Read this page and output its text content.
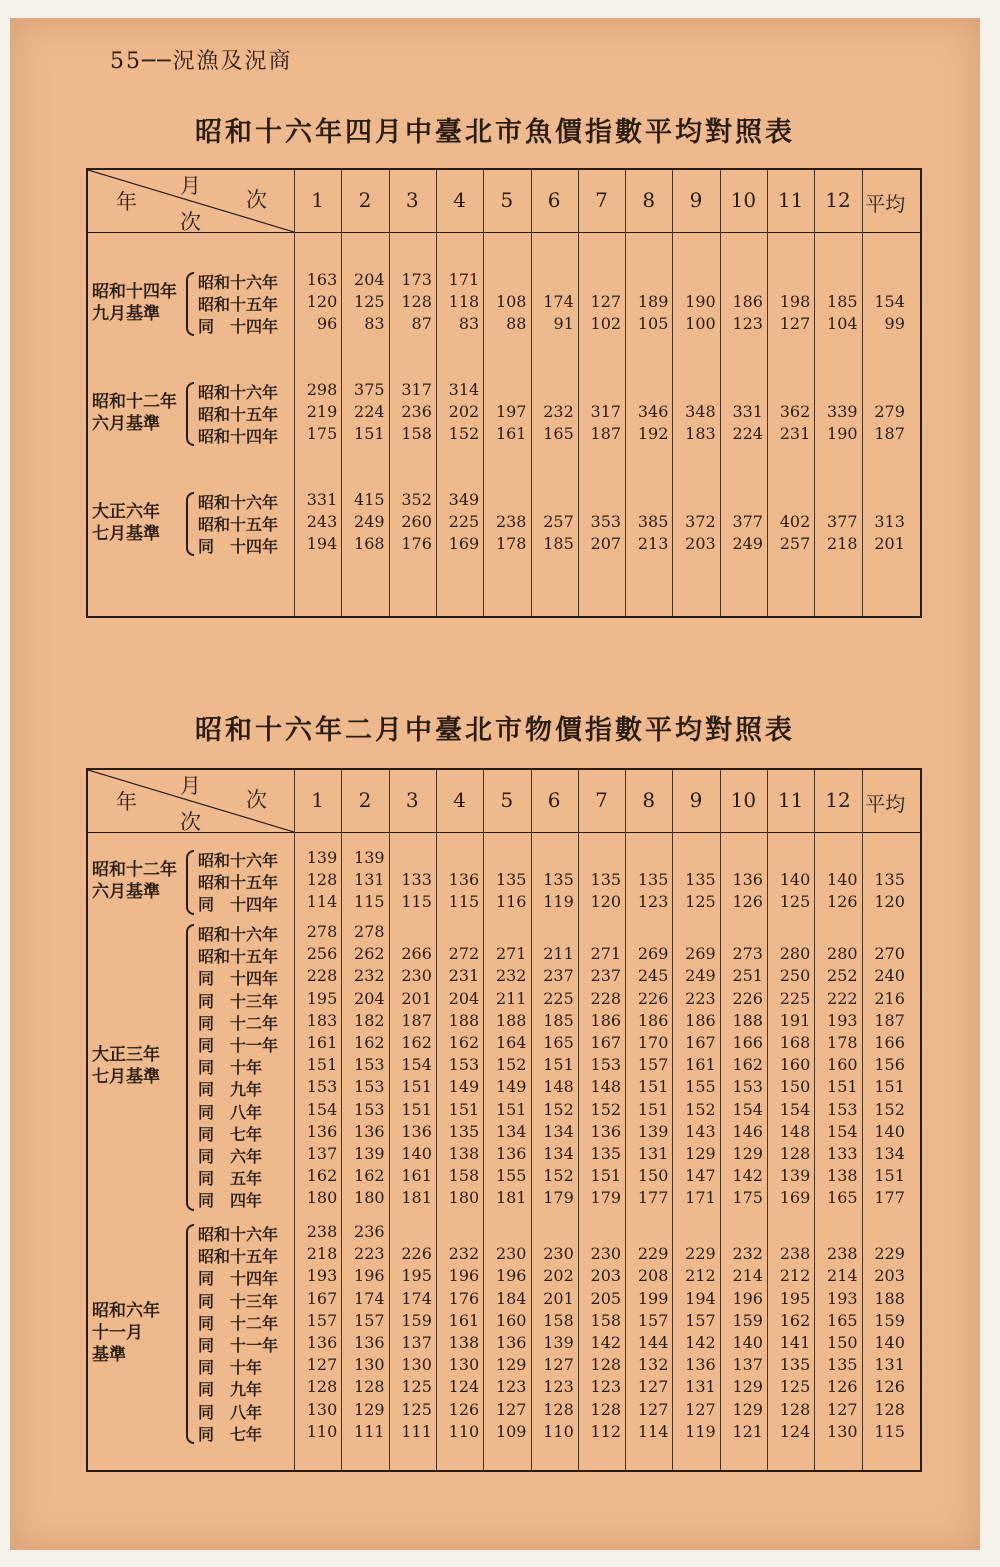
55──況漁及況商
昭和十六年四月中臺北市魚價指數平均對照表
月
次
年
次
1	2	3	4	5	6	7	8	9	10	11	12 平均
昭和十四年
九月基準
昭和十六年	163	204	173	171
昭和十五年	120	125	128	118	108	174	127	189	190	186	198	185	154
同　十四年	96	83	87	83	88	91	102	105	100	123	127	104	99
昭和十二年
六月基準
昭和十六年	298	375	317	314
昭和十五年	219	224	236	202	197	232	317	346	348	331	362	339	279
昭和十四年	175	151	158	152	161	165	187	192	183	224	231	190	187
大正六年
七月基準
昭和十六年	331	415	352	349
昭和十五年	243	249	260	225	238	257	353	385	372	377	402	377	313
同　十四年	194	168	176	169	178	185	207	213	203	249	257	218	201
昭和十六年二月中臺北市物價指數平均對照表
月
次
年
次
1	2	3	4	5	6	7	8	9	10	11	12 平均
昭和十二年
六月基準
昭和十六年	139	139
昭和十五年	128	131	133	136	135	135	135	135	135	136	140	140	135
同　十四年	114	115	115	115	116	119	120	123	125	126	125	126	120
大正三年
七月基準
昭和十六年	278	278
昭和十五年	256	262	266	272	271	211	271	269	269	273	280	280	270
同　十四年	228	232	230	231	232	237	237	245	249	251	250	252	240
同　十三年	195	204	201	204	211	225	228	226	223	226	225	222	216
同　十二年	183	182	187	188	188	185	186	186	186	188	191	193	187
同　十一年	161	162	162	162	164	165	167	170	167	166	168	178	166
同　十年	151	153	154	153	152	151	153	157	161	162	160	160	156
同　九年	153	153	151	149	149	148	148	151	155	153	150	151	151
同　八年	154	153	151	151	151	152	152	151	152	154	154	153	152
同　七年	136	136	136	135	134	134	136	139	143	146	148	154	140
同　六年	137	139	140	138	136	134	135	131	129	129	128	133	134
同　五年	162	162	161	158	155	152	151	150	147	142	139	138	151
同　四年	180	180	181	180	181	179	179	177	171	175	169	165	177
昭和六年
十一月
基準
昭和十六年	238	236
昭和十五年	218	223	226	232	230	230	230	229	229	232	238	238	229
同　十四年	193	196	195	196	196	202	203	208	212	214	212	214	203
同　十三年	167	174	174	176	184	201	205	199	194	196	195	193	188
同　十二年	157	157	159	161	160	158	158	157	157	159	162	165	159
同　十一年	136	136	137	138	136	139	142	144	142	140	141	150	140
同　十年	127	130	130	130	129	127	128	132	136	137	135	135	131
同　九年	128	128	125	124	123	123	123	127	131	129	125	126	126
同　八年	130	129	125	126	127	128	128	127	127	129	128	127	128
同　七年	110	111	111	110	109	110	112	114	119	121	124	130	115
